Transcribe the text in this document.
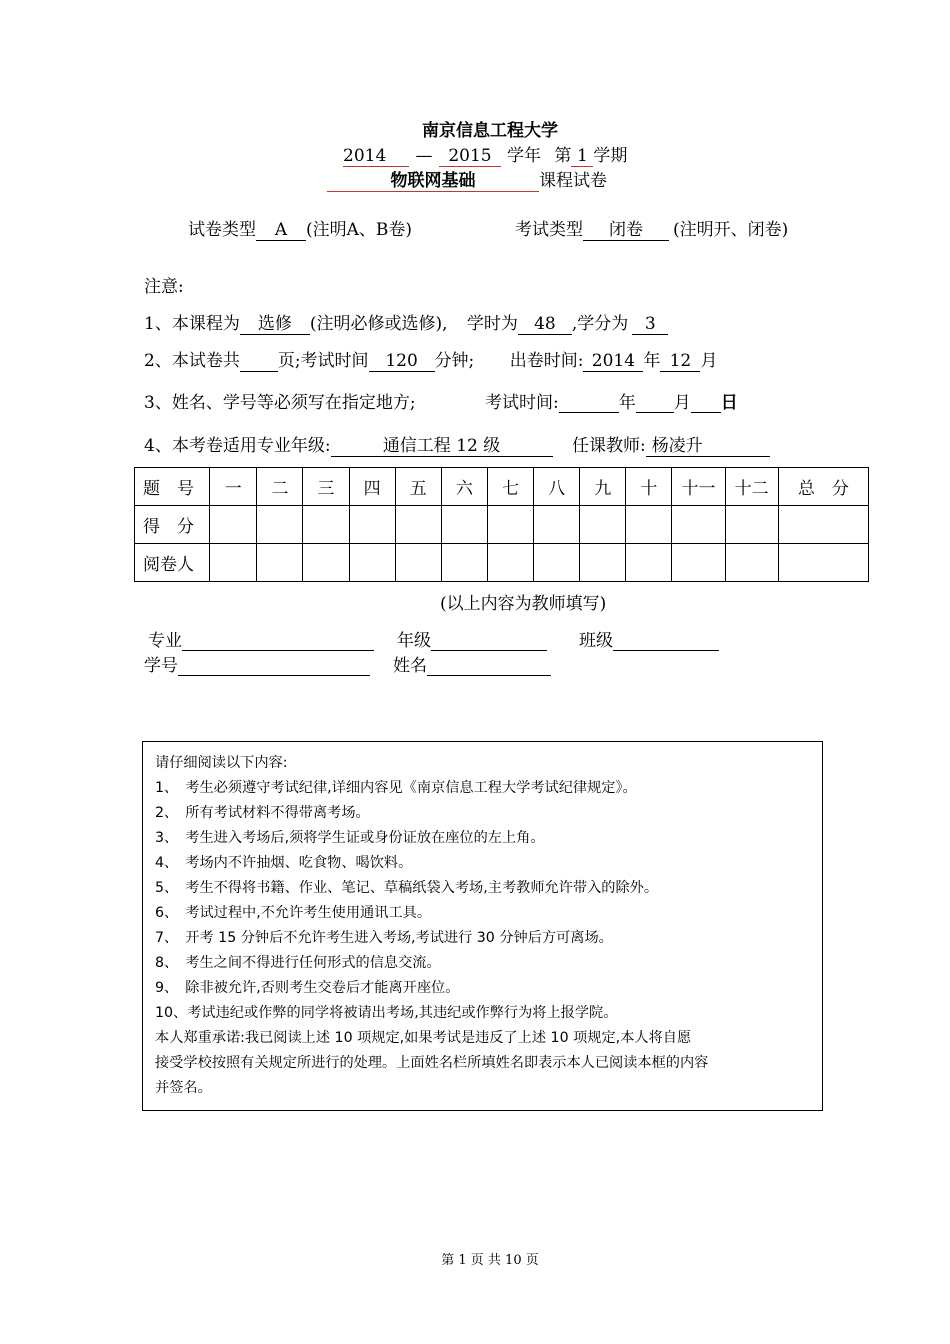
南京信息工程大学
2014 — 2015 学年 第 1 学期
物联网基础	课程试卷
试卷类型 A (注明A、B卷)	考试类型 闭卷 (注明开、闭卷)
注意:
1、本课程为 选修 (注明必修或选修), 学时为 48 ,学分为 3
2、本试卷共 页;考试时间 120 分钟; 出卷时间: 2014 年 12 月
3、姓名、学号等必须写在指定地方;	考试时间:	年 月 日
4、本考卷适用专业年级:	通信工程 12 级	任课教师: 杨凌升
题　号	一	二	三	四	五	六	七	八	九	十	十一	十二	总　分
得　分													
阅卷人													
(以上内容为教师填写)
专业	年级	班级
学号	姓名

请仔细阅读以下内容:

1、　考生必须遵守考试纪律,详细内容见《南京信息工程大学考试纪律规定》。

2、　所有考试材料不得带离考场。

3、　考生进入考场后,须将学生证或身份证放在座位的左上角。

4、　考场内不许抽烟、吃食物、喝饮料。

5、　考生不得将书籍、作业、笔记、草稿纸袋入考场,主考教师允许带入的除外。

6、　考试过程中,不允许考生使用通讯工具。

7、　开考 15 分钟后不允许考生进入考场,考试进行 30 分钟后方可离场。

8、　考生之间不得进行任何形式的信息交流。

9、　除非被允许,否则考生交卷后才能离开座位。

10、考试违纪或作弊的同学将被请出考场,其违纪或作弊行为将上报学院。

本人郑重承诺:我已阅读上述 10 项规定,如果考试是违反了上述 10 项规定,本人将自愿

接受学校按照有关规定所进行的处理。上面姓名栏所填姓名即表示本人已阅读本框的内容

并签名。

第 1 页 共 10 页
